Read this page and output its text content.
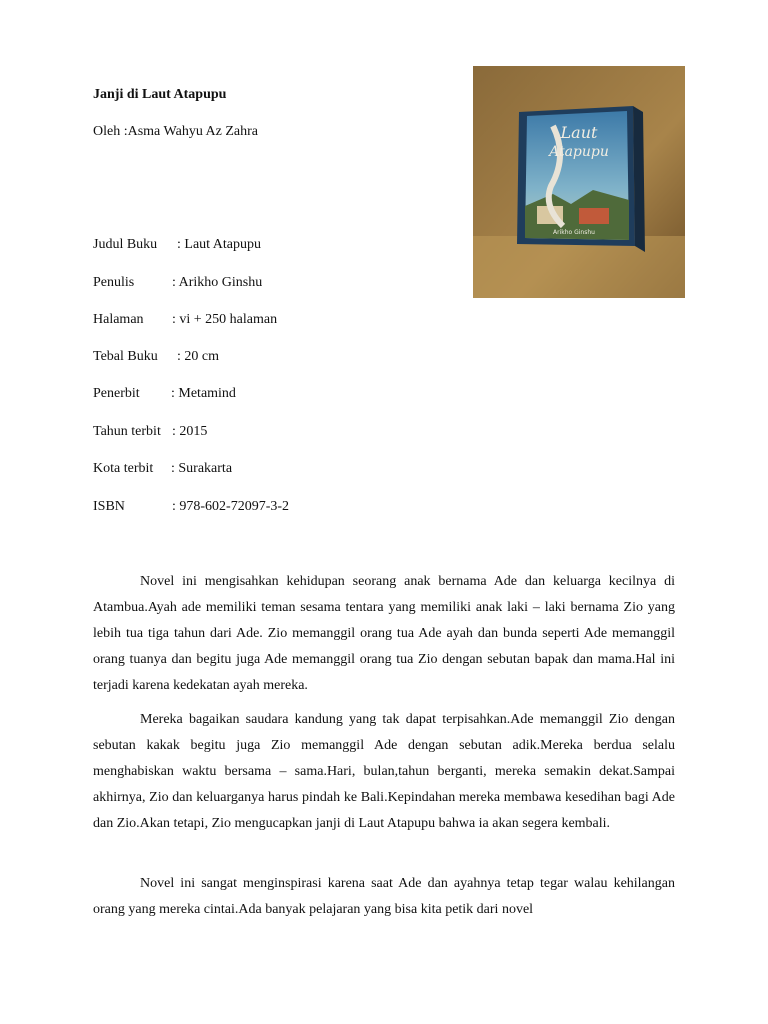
Janji di Laut Atapupu
Oleh :Asma Wahyu Az Zahra	Laut
Atapupu
Arikho Ginshu
Judul Buku : Laut Atapupu
Penulis	: Arikho Ginshu
Halaman : vi + 250 halaman
Tebal Buku : 20 cm
Penerbit : Metamind
Tahun terbit : 2015
Kota terbit : Surakarta
ISBN	: 978-602-72097-3-2

Novel ini mengisahkan kehidupan seorang anak bernama Ade dan keluarga kecilnya di Atambua.Ayah ade memiliki teman sesama tentara yang memiliki anak laki – laki bernama Zio yang lebih tua tiga tahun dari Ade. Zio memanggil orang tua Ade ayah dan bunda seperti Ade memanggil orang tuanya dan begitu juga Ade memanggil orang tua Zio dengan sebutan bapak dan mama.Hal ini terjadi karena kedekatan ayah mereka.

Mereka bagaikan saudara kandung yang tak dapat terpisahkan.Ade memanggil Zio dengan sebutan kakak begitu juga Zio memanggil Ade dengan sebutan adik.Mereka berdua selalu menghabiskan waktu bersama – sama.Hari, bulan,tahun berganti, mereka semakin dekat.Sampai akhirnya, Zio dan keluarganya harus pindah ke Bali.Kepindahan mereka membawa kesedihan bagi Ade dan Zio.Akan tetapi, Zio mengucapkan janji di Laut Atapupu bahwa ia akan segera kembali.

Novel ini sangat menginspirasi karena saat Ade dan ayahnya tetap tegar walau kehilangan orang yang mereka cintai.Ada banyak pelajaran yang bisa kita petik dari novel
